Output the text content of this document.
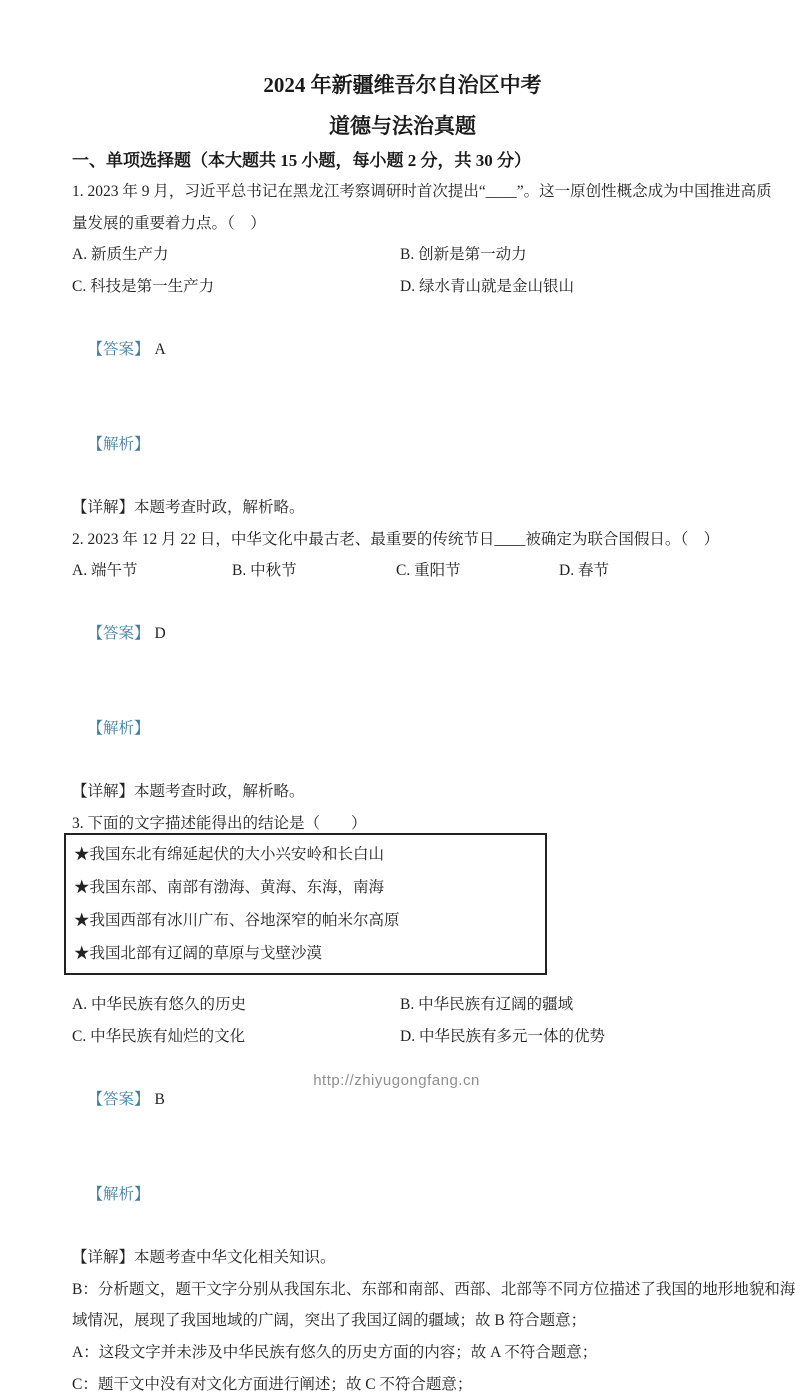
2024 年新疆维吾尔自治区中考
道德与法治真题
一、单项选择题（本大题共 15 小题，每小题 2 分，共 30 分）
1. 2023 年 9 月，习近平总书记在黑龙江考察调研时首次提出“____”。这一原创性概念成为中国推进高质
量发展的重要着力点。（　）
A. 新质生产力	B. 创新是第一动力
C. 科技是第一生产力	D. 绿水青山就是金山银山

【答案】 A

【解析】

【详解】本题考查时政，解析略。
2. 2023 年 12 月 22 日，中华文化中最古老、最重要的传统节日____被确定为联合国假日。（　）
A. 端午节	B. 中秋节	C. 重阳节	D. 春节

【答案】 D

【解析】

【详解】本题考查时政，解析略。
3. 下面的文字描述能得出的结论是（　　）
★我国东北有绵延起伏的大小兴安岭和长白山
★我国东部、南部有渤海、黄海、东海，南海
★我国西部有冰川广布、谷地深窄的帕米尔高原
★我国北部有辽阔的草原与戈壁沙漠
A. 中华民族有悠久的历史	B. 中华民族有辽阔的疆域
C. 中华民族有灿烂的文化	D. 中华民族有多元一体的优势

【答案】 B

【解析】

【详解】本题考查中华文化相关知识。
B：分析题文，题干文字分别从我国东北、东部和南部、西部、北部等不同方位描述了我国的地形地貌和海
域情况，展现了我国地域的广阔，突出了我国辽阔的疆域；故 B 符合题意；
A：这段文字并未涉及中华民族有悠久的历史方面的内容；故 A 不符合题意；
C：题干文中没有对文化方面进行阐述；故 C 不符合题意；
http://zhiyugongfang.cn
